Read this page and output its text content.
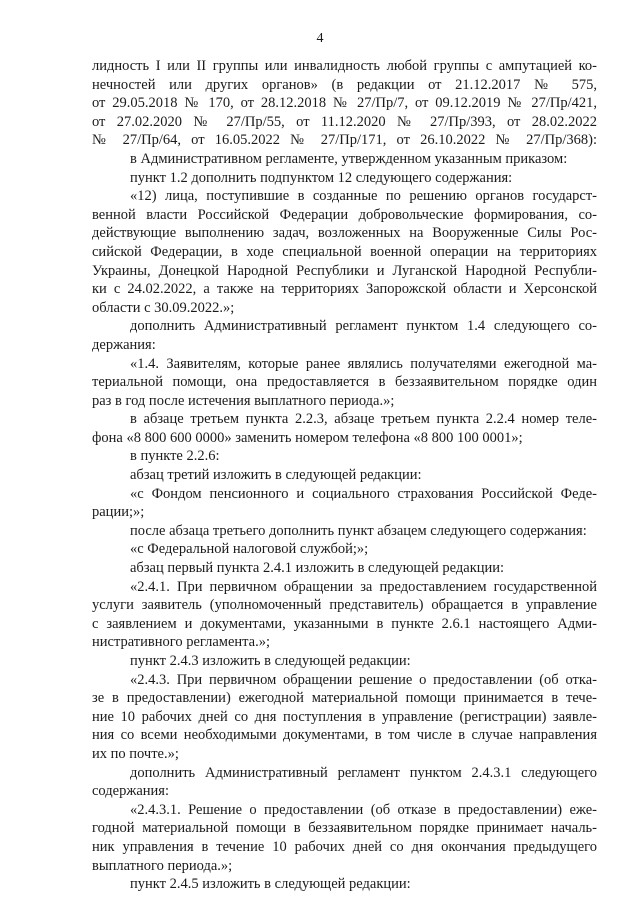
4
лидность I или II группы или инвалидность любой группы с ампутацией ко-
нечностей или других органов» (в редакции от 21.12.2017 № 575,
от 29.05.2018 № 170, от 28.12.2018 № 27/Пр/7, от 09.12.2019 № 27/Пр/421,
от 27.02.2020 № 27/Пр/55, от 11.12.2020 № 27/Пр/393, от 28.02.2022
№ 27/Пр/64, от 16.05.2022 № 27/Пр/171, от 26.10.2022 № 27/Пр/368):
в Административном регламенте, утвержденном указанным приказом:
пункт 1.2 дополнить подпунктом 12 следующего содержания:
«12) лица, поступившие в созданные по решению органов государст-
венной власти Российской Федерации добровольческие формирования, со-
действующие выполнению задач, возложенных на Вооруженные Силы Рос-
сийской Федерации, в ходе специальной военной операции на территориях
Украины, Донецкой Народной Республики и Луганской Народной Республи-
ки с 24.02.2022, а также на территориях Запорожской области и Херсонской
области с 30.09.2022.»;
дополнить Административный регламент пунктом 1.4 следующего со-
держания:
«1.4. Заявителям, которые ранее являлись получателями ежегодной ма-
териальной помощи, она предоставляется в беззаявительном порядке один
раз в год после истечения выплатного периода.»;
в абзаце третьем пункта 2.2.3, абзаце третьем пункта 2.2.4 номер теле-
фона «8 800 600 0000» заменить номером телефона «8 800 100 0001»;
в пункте 2.2.6:
абзац третий изложить в следующей редакции:
«с Фондом пенсионного и социального страхования Российской Феде-
рации;»;
после абзаца третьего дополнить пункт абзацем следующего содержания:
«с Федеральной налоговой службой;»;
абзац первый пункта 2.4.1 изложить в следующей редакции:
«2.4.1. При первичном обращении за предоставлением государственной
услуги заявитель (уполномоченный представитель) обращается в управление
с заявлением и документами, указанными в пункте 2.6.1 настоящего Адми-
нистративного регламента.»;
пункт 2.4.3 изложить в следующей редакции:
«2.4.3. При первичном обращении решение о предоставлении (об отка-
зе в предоставлении) ежегодной материальной помощи принимается в тече-
ние 10 рабочих дней со дня поступления в управление (регистрации) заявле-
ния со всеми необходимыми документами, в том числе в случае направления
их по почте.»;
дополнить Административный регламент пунктом 2.4.3.1 следующего
содержания:
«2.4.3.1. Решение о предоставлении (об отказе в предоставлении) еже-
годной материальной помощи в беззаявительном порядке принимает началь-
ник управления в течение 10 рабочих дней со дня окончания предыдущего
выплатного периода.»;
пункт 2.4.5 изложить в следующей редакции:
